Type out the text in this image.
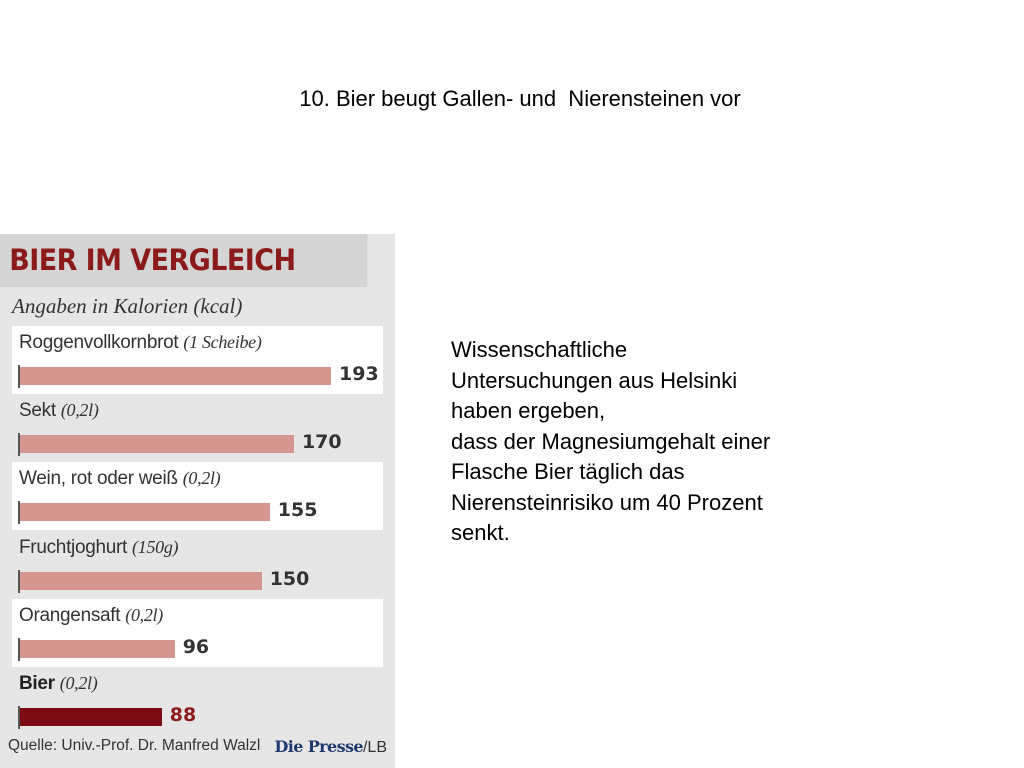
10. Bier beugt Gallen- und  Nierensteinen vor
Wissenschaftliche
Untersuchungen aus Helsinki
haben ergeben,
dass der Magnesiumgehalt einer
Flasche Bier täglich das
Nierensteinrisiko um 40 Prozent
senkt.
BIER IM VERGLEICH
Angaben in Kalorien (kcal)
Roggenvollkornbrot (1 Scheibe)
193
Sekt (0,2l)
170
Wein, rot oder weiß (0,2l)
155
Fruchtjoghurt (150g)
150
Orangensaft (0,2l)
96
Bier (0,2l)
88
Quelle: Univ.-Prof. Dr. Manfred Walzl Die Presse/LB
